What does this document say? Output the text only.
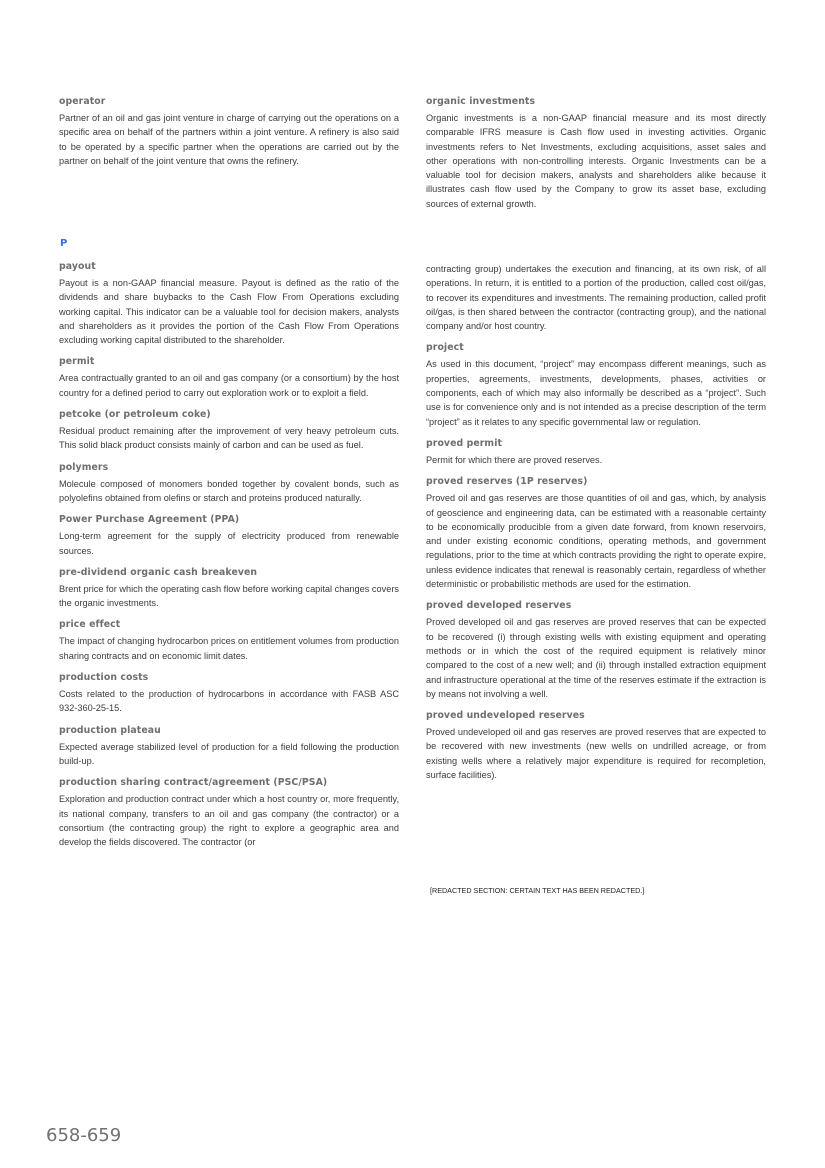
operator

Partner of an oil and gas joint venture in charge of carrying out the operations on a specific area on behalf of the partners within a joint venture. A refinery is also said to be operated by a specific partner when the operations are carried out by the partner on behalf of the joint venture that owns the refinery.

P
payout

Payout is a non-GAAP financial measure. Payout is defined as the ratio of the dividends and share buybacks to the Cash Flow From Operations excluding working capital. This indicator can be a valuable tool for decision makers, analysts and shareholders as it provides the portion of the Cash Flow From Operations excluding working capital distributed to the shareholder.

permit

Area contractually granted to an oil and gas company (or a consortium) by the host country for a defined period to carry out exploration work or to exploit a field.

petcoke (or petroleum coke)

Residual product remaining after the improvement of very heavy petroleum cuts. This solid black product consists mainly of carbon and can be used as fuel.

polymers

Molecule composed of monomers bonded together by covalent bonds, such as polyolefins obtained from olefins or starch and proteins produced naturally.

Power Purchase Agreement (PPA)

Long-term agreement for the supply of electricity produced from renewable sources.

pre-dividend organic cash breakeven

Brent price for which the operating cash flow before working capital changes covers the organic investments.

price effect

The impact of changing hydrocarbon prices on entitlement volumes from production sharing contracts and on economic limit dates.

production costs

Costs related to the production of hydrocarbons in accordance with FASB ASC 932-360-25-15.

production plateau

Expected average stabilized level of production for a field following the production build-up.

production sharing contract/agreement (PSC/PSA)

Exploration and production contract under which a host country or, more frequently, its national company, transfers to an oil and gas company (the contractor) or a consortium (the contracting group) the right to explore a geographic area and develop the fields discovered. The contractor (or

organic investments

Organic investments is a non-GAAP financial measure and its most directly comparable IFRS measure is Cash flow used in investing activities. Organic investments refers to Net Investments, excluding acquisitions, asset sales and other operations with non-controlling interests. Organic Investments can be a valuable tool for decision makers, analysts and shareholders alike because it illustrates cash flow used by the Company to grow its asset base, excluding sources of external growth.

contracting group) undertakes the execution and financing, at its own risk, of all operations. In return, it is entitled to a portion of the production, called cost oil/gas, to recover its expenditures and investments. The remaining production, called profit oil/gas, is then shared between the contractor (contracting group), and the national company and/or host country.

project

As used in this document, “project” may encompass different meanings, such as properties, agreements, investments, developments, phases, activities or components, each of which may also informally be described as a “project”. Such use is for convenience only and is not intended as a precise description of the term “project” as it relates to any specific governmental law or regulation.

proved permit

Permit for which there are proved reserves.

proved reserves (1P reserves)

Proved oil and gas reserves are those quantities of oil and gas, which, by analysis of geoscience and engineering data, can be estimated with a reasonable certainty to be economically producible from a given date forward, from known reservoirs, and under existing economic conditions, operating methods, and government regulations, prior to the time at which contracts providing the right to operate expire, unless evidence indicates that renewal is reasonably certain, regardless of whether deterministic or probabilistic methods are used for the estimation.

proved developed reserves

Proved developed oil and gas reserves are proved reserves that can be expected to be recovered (i) through existing wells with existing equipment and operating methods or in which the cost of the required equipment is relatively minor compared to the cost of a new well; and (ii) through installed extraction equipment and infrastructure operational at the time of the reserves estimate if the extraction is by means not involving a well.

proved undeveloped reserves

Proved undeveloped oil and gas reserves are proved reserves that are expected to be recovered with new investments (new wells on undrilled acreage, or from existing wells where a relatively major expenditure is required for recompletion, surface facilities).

[REDACTED SECTION: CERTAIN TEXT HAS BEEN REDACTED.]
658-659
